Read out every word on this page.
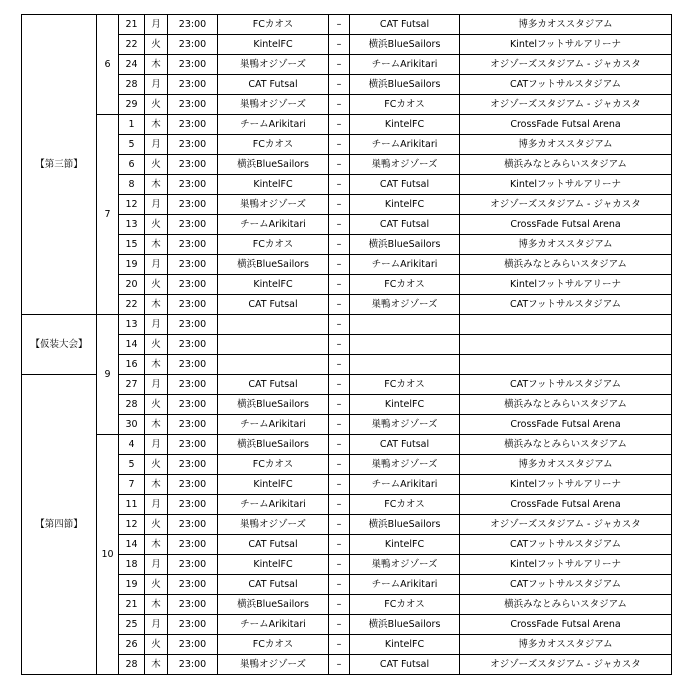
【第三節】	6	21	月	23:00	FCカオス	–	CAT Futsal	博多カオススタジアム
		22	火	23:00	KintelFC	–	横浜BlueSailors	Kintelフットサルアリーナ
		24	木	23:00	巣鴨オジゾーズ	–	チームArikitari	オジゾーズスタジアム - ジャカスタ
		28	月	23:00	CAT Futsal	–	横浜BlueSailors	CATフットサルスタジアム
		29	火	23:00	巣鴨オジゾーズ	–	FCカオス	オジゾーズスタジアム - ジャカスタ
	7	1	木	23:00	チームArikitari	–	KintelFC	CrossFade Futsal Arena
		5	月	23:00	FCカオス	–	チームArikitari	博多カオススタジアム
		6	火	23:00	横浜BlueSailors	–	巣鴨オジゾーズ	横浜みなとみらいスタジアム
		8	木	23:00	KintelFC	–	CAT Futsal	Kintelフットサルアリーナ
		12	月	23:00	巣鴨オジゾーズ	–	KintelFC	オジゾーズスタジアム - ジャカスタ
		13	火	23:00	チームArikitari	–	CAT Futsal	CrossFade Futsal Arena
		15	木	23:00	FCカオス	–	横浜BlueSailors	博多カオススタジアム
		19	月	23:00	横浜BlueSailors	–	チームArikitari	横浜みなとみらいスタジアム
		20	火	23:00	KintelFC	–	FCカオス	Kintelフットサルアリーナ
		22	木	23:00	CAT Futsal	–	巣鴨オジゾーズ	CATフットサルスタジアム
【仮装大会】	9	13	月	23:00		–		
		14	火	23:00		–		
		16	木	23:00		–		
【第四節】		27	月	23:00	CAT Futsal	–	FCカオス	CATフットサルスタジアム
		28	火	23:00	横浜BlueSailors	–	KintelFC	横浜みなとみらいスタジアム
		30	木	23:00	チームArikitari	–	巣鴨オジゾーズ	CrossFade Futsal Arena
	10	4	月	23:00	横浜BlueSailors	–	CAT Futsal	横浜みなとみらいスタジアム
		5	火	23:00	FCカオス	–	巣鴨オジゾーズ	博多カオススタジアム
		7	木	23:00	KintelFC	–	チームArikitari	Kintelフットサルアリーナ
		11	月	23:00	チームArikitari	–	FCカオス	CrossFade Futsal Arena
		12	火	23:00	巣鴨オジゾーズ	–	横浜BlueSailors	オジゾーズスタジアム - ジャカスタ
		14	木	23:00	CAT Futsal	–	KintelFC	CATフットサルスタジアム
		18	月	23:00	KintelFC	–	巣鴨オジゾーズ	Kintelフットサルアリーナ
		19	火	23:00	CAT Futsal	–	チームArikitari	CATフットサルスタジアム
		21	木	23:00	横浜BlueSailors	–	FCカオス	横浜みなとみらいスタジアム
		25	月	23:00	チームArikitari	–	横浜BlueSailors	CrossFade Futsal Arena
		26	火	23:00	FCカオス	–	KintelFC	博多カオススタジアム
		28	木	23:00	巣鴨オジゾーズ	–	CAT Futsal	オジゾーズスタジアム - ジャカスタ
